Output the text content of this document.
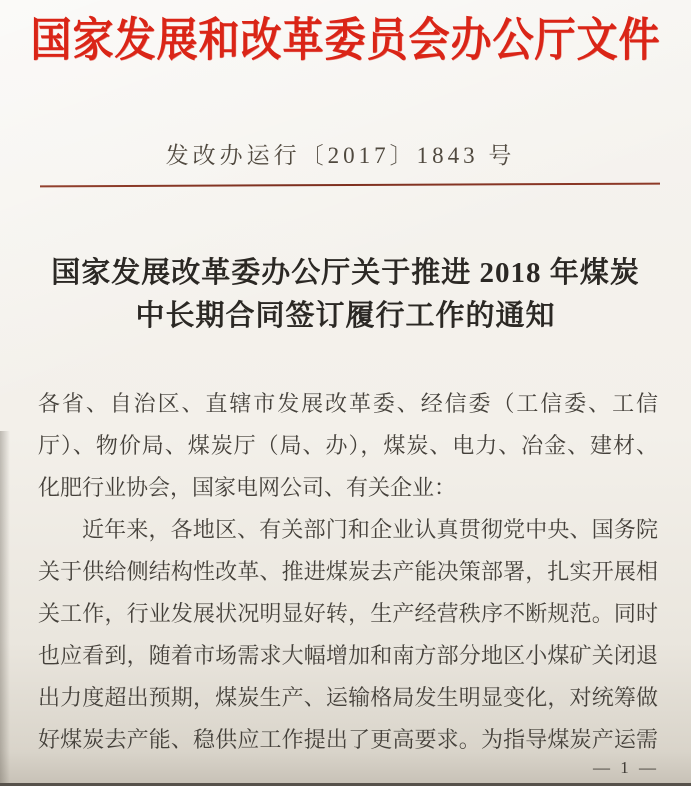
国家发展和改革委员会办公厅文件
发改办运行〔2017〕1843 号
国家发展改革委办公厅关于推进 2018 年煤炭
中长期合同签订履行工作的通知
各省、自治区、直辖市发展改革委、经信委（工信委、工信
厅）、物价局、煤炭厅（局、办），煤炭、电力、冶金、建材、
化肥行业协会，国家电网公司、有关企业：
近年来，各地区、有关部门和企业认真贯彻党中央、国务院
关于供给侧结构性改革、推进煤炭去产能决策部署，扎实开展相
关工作，行业发展状况明显好转，生产经营秩序不断规范。同时
也应看到，随着市场需求大幅增加和南方部分地区小煤矿关闭退
出力度超出预期，煤炭生产、运输格局发生明显变化，对统筹做
好煤炭去产能、稳供应工作提出了更高要求。为指导煤炭产运需
— 1 —
